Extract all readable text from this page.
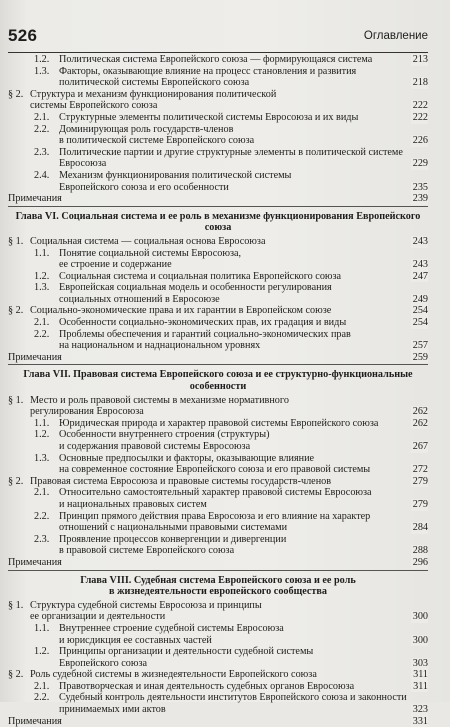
526	Оглавление
1.2. Политическая система Европейского союза — формирующаяся система	213
1.3. Факторы, оказывающие влияние на процесс становления и развития
политической системы Европейского союза	218
§ 2. Структура и механизм функционирования политической
системы Европейского союза	222
2.1. Структурные элементы политической системы Евросоюза и их виды	222
2.2. Доминирующая роль государств-членов
в политической системе Европейского союза	226
2.3. Политические партии и другие структурные элементы в политической системе
Евросоюза	229
2.4. Механизм функционирования политической системы
Европейского союза и его особенности	235
Примечания	239
Глава VI. Социальная система и ее роль в механизме функционирования Европейского союза
§ 1. Социальная система — социальная основа Евросоюза	243
1.1. Понятие социальной системы Евросоюза,
ее строение и содержание	243
1.2. Социальная система и социальная политика Европейского союза	247
1.3. Европейская социальная модель и особенности регулирования
социальных отношений в Евросоюзе	249
§ 2. Социально-экономические права и их гарантии в Европейском союзе	254
2.1. Особенности социально-экономических прав, их градация и виды	254
2.2. Проблемы обеспечения и гарантий социально-экономических прав
на национальном и наднациональном уровнях	257
Примечания	259
Глава VII. Правовая система Европейского союза и ее структурно-функциональные особенности
§ 1. Место и роль правовой системы в механизме нормативного
регулирования Евросоюза	262
1.1. Юридическая природа и характер правовой системы Европейского союза	262
1.2. Особенности внутреннего строения (структуры)
и содержания правовой системы Евросоюза	267
1.3. Основные предпосылки и факторы, оказывающие влияние
на современное состояние Европейского союза и его правовой системы	272
§ 2. Правовая система Евросоюза и правовые системы государств-членов	279
2.1. Относительно самостоятельный характер правовой системы Евросоюза
и национальных правовых систем	279
2.2. Принцип прямого действия права Евросоюза и его влияние на характер
отношений с национальными правовыми системами	284
2.3. Проявление процессов конвергенции и дивергенции
в правовой системе Европейского союза	288
Примечания	296
Глава VIII. Судебная система Европейского союза и ее роль
в жизнедеятельности европейского сообщества
§ 1. Структура судебной системы Евросоюза и принципы
ее организации и деятельности	300
1.1. Внутреннее строение судебной системы Евросоюза
и юрисдикция ее составных частей	300
1.2. Принципы организации и деятельности судебной системы
Европейского союза	303
§ 2. Роль судебной системы в жизнедеятельности Европейского союза	311
2.1. Правотворческая и иная деятельность судебных органов Евросоюза	311
2.2. Судебный контроль деятельности институтов Европейского союза и законности
принимаемых ими актов	323
Примечания	331
